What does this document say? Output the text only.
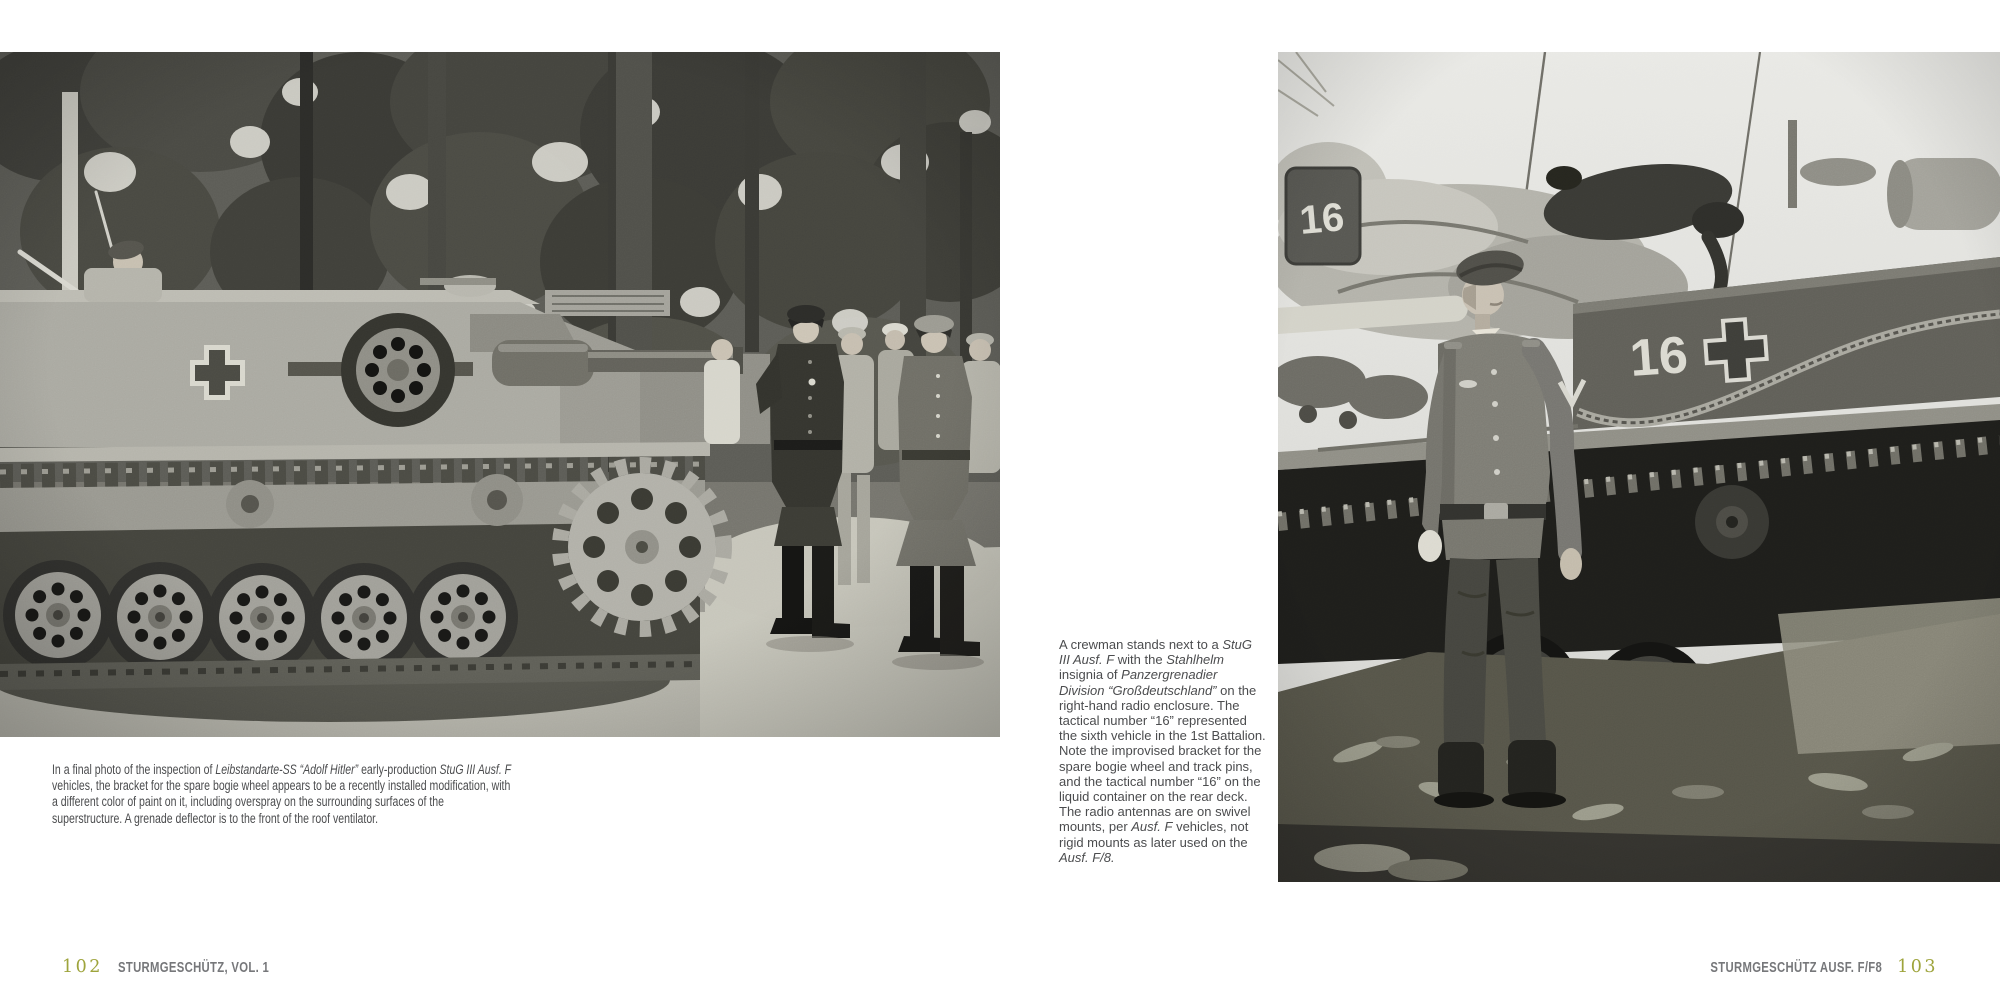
In a final photo of the inspection of Leibstandarte-SS “Adolf Hitler” early-production StuG III Ausf. F vehicles, the bracket for the spare bogie wheel appears to be a recently installed modification, with a different color of paint on it, including overspray on the surrounding surfaces of the superstructure. A grenade deflector is to the front of the roof ventilator.

102 STURMGESCHÜTZ, VOL. 1

A crewman stands next to a StuG III Ausf. F with the Stahlhelm insignia of Panzergrenadier Division “Großdeutschland” on the right-hand radio enclosure. The tactical number “16” represented the sixth vehicle in the 1st Battalion. Note the improvised bracket for the spare bogie wheel and track pins, and the tactical number “16” on the liquid container on the rear deck. The radio antennas are on swivel mounts, per Ausf. F vehicles, not rigid mounts as later used on the Ausf. F/8.

STURMGESCHÜTZ AUSF. F/F8 103
